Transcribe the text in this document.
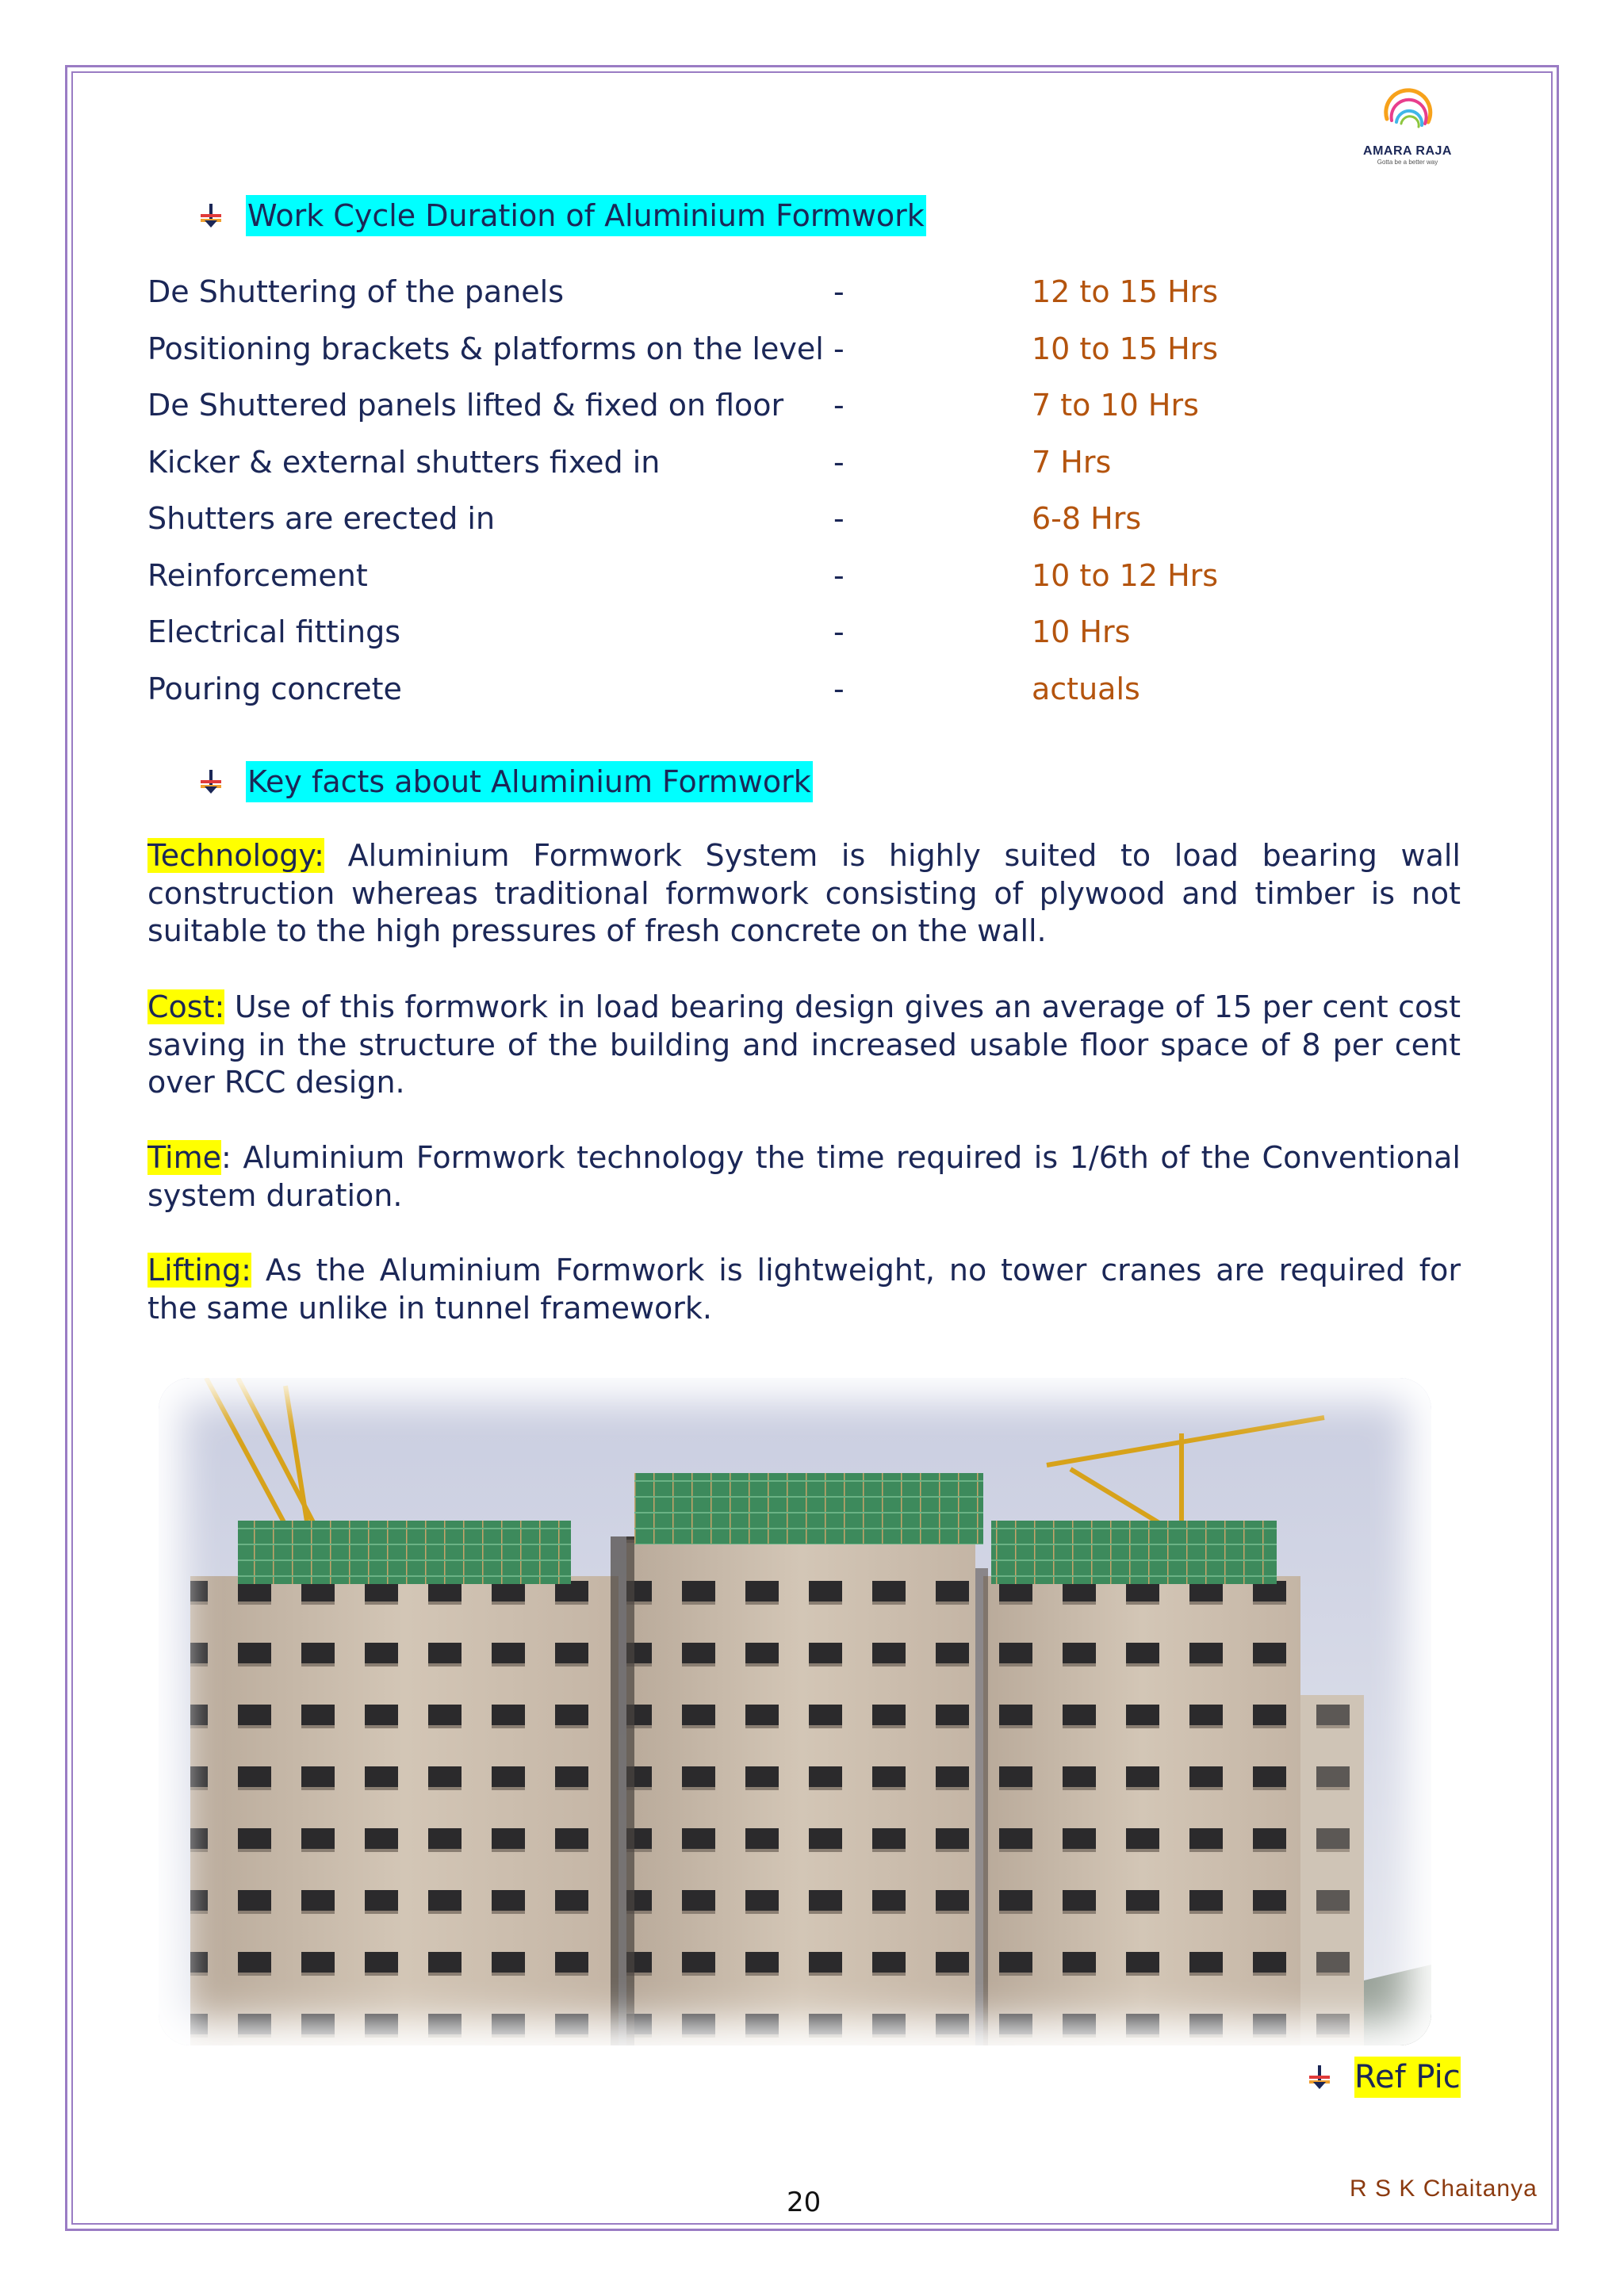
AMARA RAJA
Gotta be a better way
Work Cycle Duration of Aluminium Formwork
De Shuttering of the panels	-	12 to 15 Hrs
Positioning brackets & platforms on the level -	10 to 15 Hrs
De Shuttered panels lifted & fixed on floor -	7 to 10 Hrs
Kicker & external shutters fixed in	-	7 Hrs
Shutters are erected in	-	6-8 Hrs
Reinforcement	-	10 to 12 Hrs
Electrical fittings	-	10 Hrs
Pouring concrete	-	actuals
Key facts about Aluminium Formwork

Technology: Aluminium Formwork System is highly suited to load bearing wall construction whereas traditional formwork consisting of plywood and timber is not suitable to the high pressures of fresh concrete on the wall.

Cost: Use of this formwork in load bearing design gives an average of 15 per cent cost saving in the structure of the building and increased usable floor space of 8 per cent over RCC design.

Time: Aluminium Formwork technology the time required is 1/6th of the Conventional system duration.

Lifting: As the Aluminium Formwork is lightweight, no tower cranes are required for the same unlike in tunnel framework.

Ref Pic
R S K Chaitanya
20
